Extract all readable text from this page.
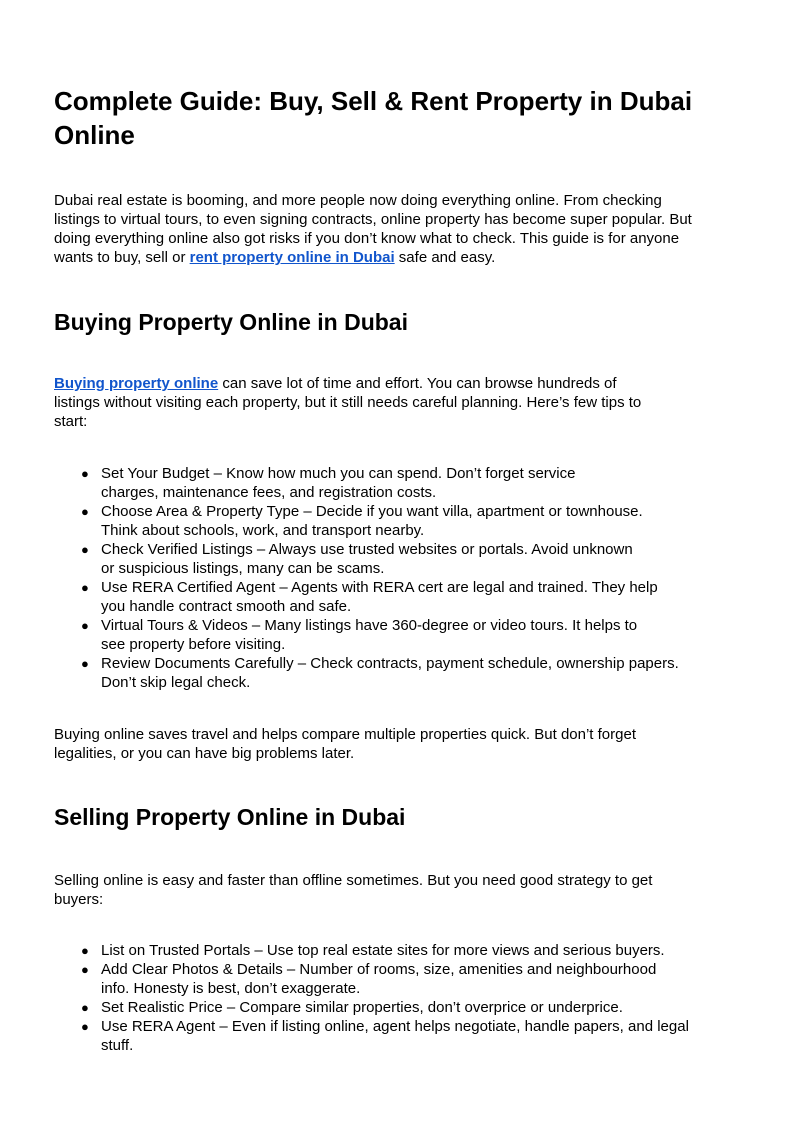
Complete Guide: Buy, Sell & Rent Property in Dubai Online

Dubai real estate is booming, and more people now doing everything online. From checking
listings to virtual tours, to even signing contracts, online property has become super popular. But
doing everything online also got risks if you don’t know what to check. This guide is for anyone
wants to buy, sell or rent property online in Dubai safe and easy.

Buying Property Online in Dubai

Buying property online can save lot of time and effort. You can browse hundreds of
listings without visiting each property, but it still needs careful planning. Here’s few tips to
start:

● Set Your Budget – Know how much you can spend. Don’t forget service
charges, maintenance fees, and registration costs.
● Choose Area & Property Type – Decide if you want villa, apartment or townhouse.
Think about schools, work, and transport nearby.
● Check Verified Listings – Always use trusted websites or portals. Avoid unknown
or suspicious listings, many can be scams.
● Use RERA Certified Agent – Agents with RERA cert are legal and trained. They help
you handle contract smooth and safe.
● Virtual Tours & Videos – Many listings have 360-degree or video tours. It helps to
see property before visiting.
● Review Documents Carefully – Check contracts, payment schedule, ownership papers.
Don’t skip legal check.

Buying online saves travel and helps compare multiple properties quick. But don’t forget
legalities, or you can have big problems later.

Selling Property Online in Dubai

Selling online is easy and faster than offline sometimes. But you need good strategy to get
buyers:

● List on Trusted Portals – Use top real estate sites for more views and serious buyers.
● Add Clear Photos & Details – Number of rooms, size, amenities and neighbourhood
info. Honesty is best, don’t exaggerate.
● Set Realistic Price – Compare similar properties, don’t overprice or underprice.
● Use RERA Agent – Even if listing online, agent helps negotiate, handle papers, and legal
stuff.
